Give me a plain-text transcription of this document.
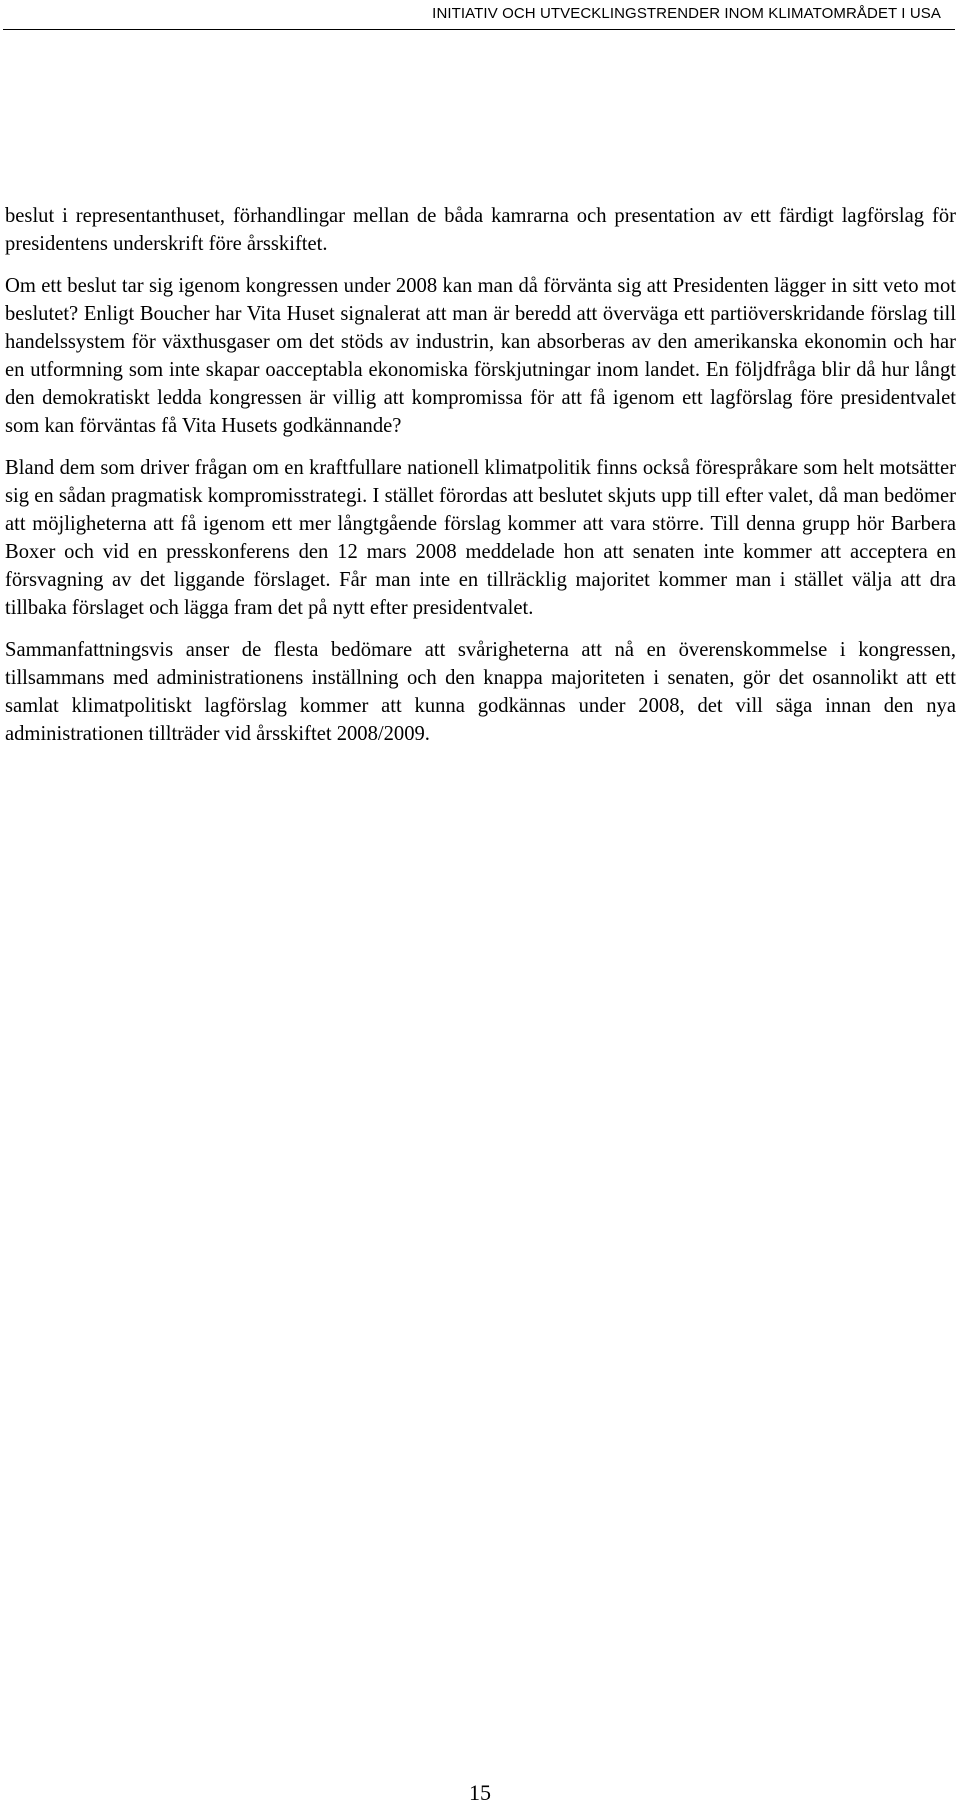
INITIATIV OCH UTVECKLINGSTRENDER INOM KLIMATOMRÅDET I USA

beslut i representanthuset, förhandlingar mellan de båda kamrarna och presentation av ett färdigt lagförslag för presidentens underskrift före årsskiftet.

Om ett beslut tar sig igenom kongressen under 2008 kan man då förvänta sig att Presidenten lägger in sitt veto mot beslutet? Enligt Boucher har Vita Huset signalerat att man är beredd att överväga ett partiöverskridande förslag till handelssystem för växthusgaser om det stöds av industrin, kan absorberas av den amerikanska ekonomin och har en utformning som inte skapar oacceptabla ekonomiska förskjutningar inom landet. En följdfråga blir då hur långt den demokratiskt ledda kongressen är villig att kompromissa för att få igenom ett lagförslag före presidentvalet som kan förväntas få Vita Husets godkännande?

Bland dem som driver frågan om en kraftfullare nationell klimatpolitik finns också förespråkare som helt motsätter sig en sådan pragmatisk kompromisstrategi. I stället förordas att beslutet skjuts upp till efter valet, då man bedömer att möjligheterna att få igenom ett mer långtgående förslag kommer att vara större. Till denna grupp hör Barbera Boxer och vid en presskonferens den 12 mars 2008 meddelade hon att senaten inte kommer att acceptera en försvagning av det liggande förslaget. Får man inte en tillräcklig majoritet kommer man i stället välja att dra tillbaka förslaget och lägga fram det på nytt efter presidentvalet.

Sammanfattningsvis anser de flesta bedömare att svårigheterna att nå en överenskommelse i kongressen, tillsammans med administrationens inställning och den knappa majoriteten i senaten, gör det osannolikt att ett samlat klimatpolitiskt lagförslag kommer att kunna godkännas under 2008, det vill säga innan den nya administrationen tillträder vid årsskiftet 2008/2009.

15
